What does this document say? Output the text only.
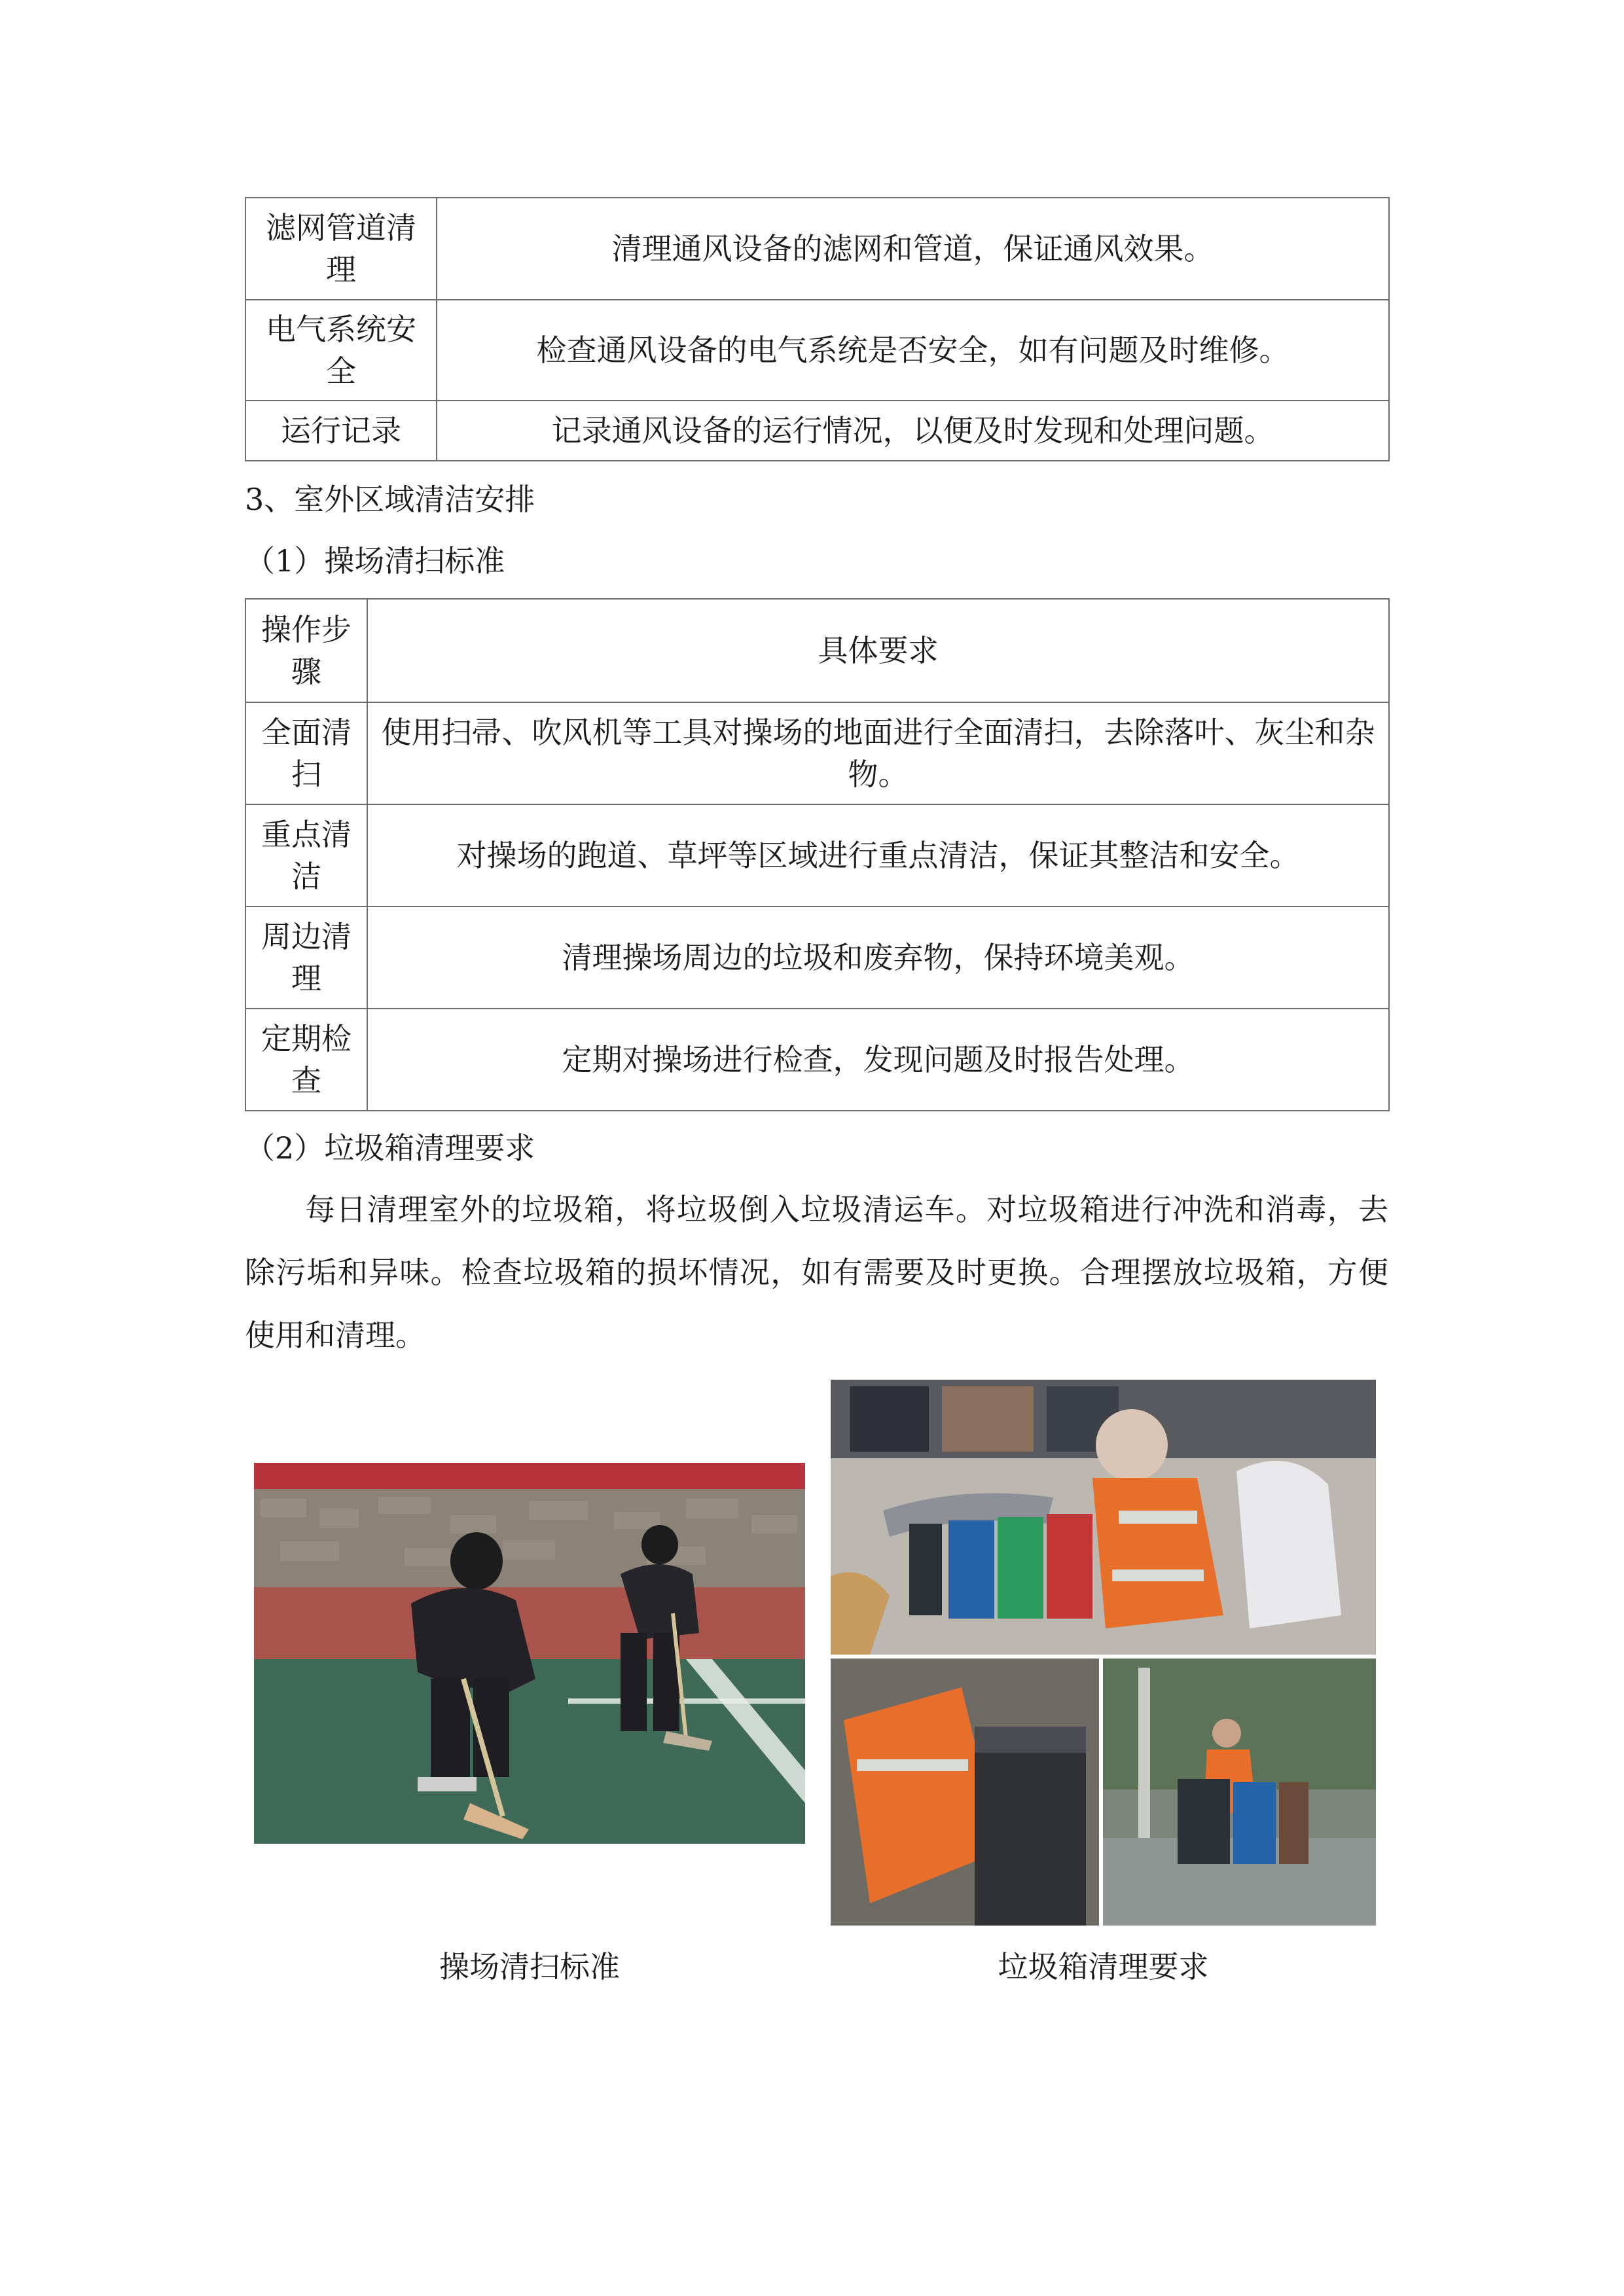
滤网管道清理	清理通风设备的滤网和管道，保证通风效果。
电气系统安全	检查通风设备的电气系统是否安全，如有问题及时维修。
运行记录	记录通风设备的运行情况，以便及时发现和处理问题。
3、室外区域清洁安排
（1）操场清扫标准
操作步骤	具体要求
全面清扫	使用扫帚、吹风机等工具对操场的地面进行全面清扫，去除落叶、灰尘和杂物。
重点清洁	对操场的跑道、草坪等区域进行重点清洁，保证其整洁和安全。
周边清理	清理操场周边的垃圾和废弃物，保持环境美观。
定期检查	定期对操场进行检查，发现问题及时报告处理。
（2）垃圾箱清理要求

每日清理室外的垃圾箱，将垃圾倒入垃圾清运车。对垃圾箱进行冲洗和消毒，去除污垢和异味。检查垃圾箱的损坏情况，如有需要及时更换。合理摆放垃圾箱，方便使用和清理。

操场清扫标准	垃圾箱清理要求
